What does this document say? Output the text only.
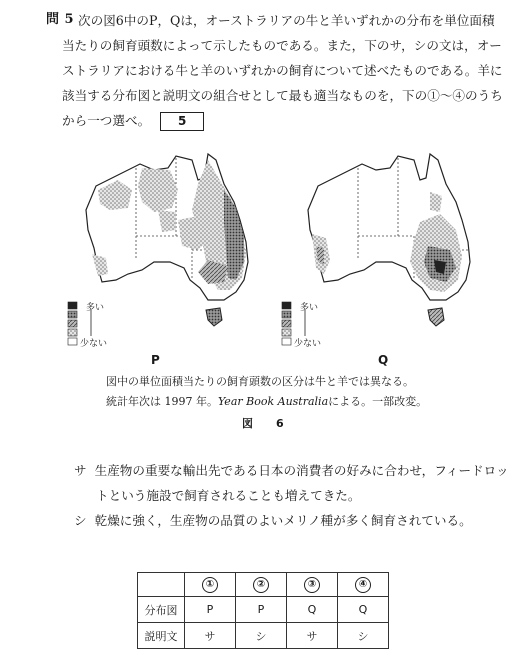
問 5 次の図6中のP，Qは，オーストラリアの牛と羊いずれかの分布を単位面積
当たりの飼育頭数によって示したものである。また，下のサ，シの文は，オー
ストラリアにおける牛と羊のいずれかの飼育について述べたものである。羊に
該当する分布図と説明文の組合せとして最も適当なものを，下の①～④のうち
から一つ選べ。 5
多い
少ない
多い
少ない
P	Q
図中の単位面積当たりの飼育頭数の区分は牛と羊では異なる。
統計年次は 1997 年。Year Book Australiaによる。一部改変。
図　6
サ 生産物の重要な輸出先である日本の消費者の好みに合わせ，フィードロッ
トという施設で飼育されることも増えてきた。
シ 乾燥に強く，生産物の品質のよいメリノ種が多く飼育されている。
	①	②	③	④
分布図	P	P	Q	Q
説明文	サ	シ	サ	シ
